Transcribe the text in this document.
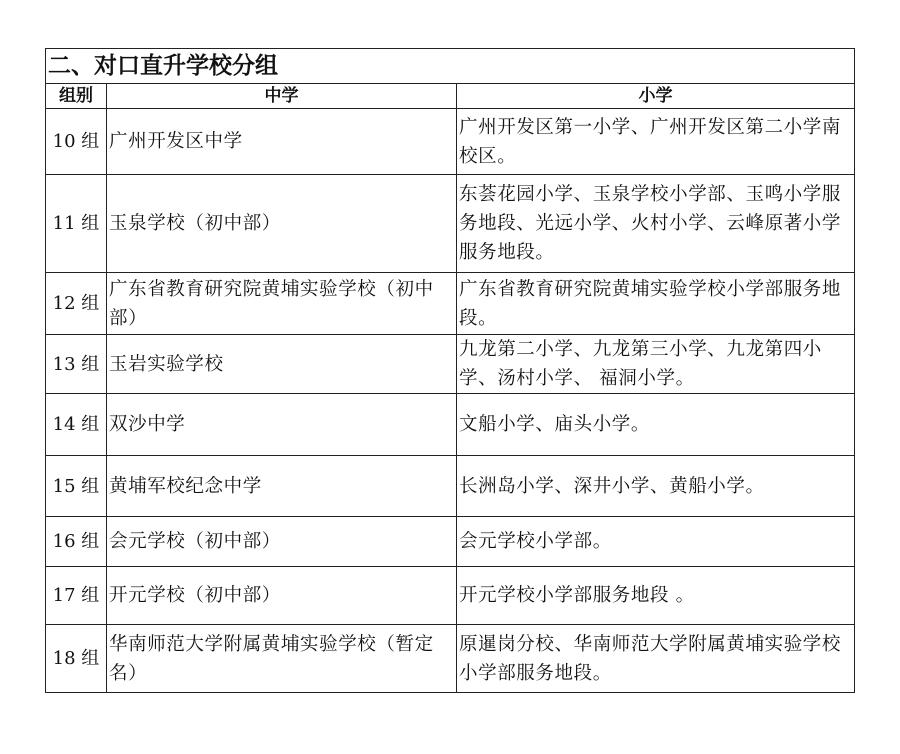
二、对口直升学校分组		
组别	中学	小学
10 组	广州开发区中学	广州开发区第一小学、广州开发区第二小学南校区。
11 组	玉泉学校（初中部）	东荟花园小学、玉泉学校小学部、玉鸣小学服务地段、光远小学、火村小学、云峰原著小学服务地段。
12 组	广东省教育研究院黄埔实验学校（初中部）	广东省教育研究院黄埔实验学校小学部服务地段。
13 组	玉岩实验学校	九龙第二小学、九龙第三小学、九龙第四小学、汤村小学、 福洞小学。
14 组	双沙中学	文船小学、庙头小学。
15 组	黄埔军校纪念中学	长洲岛小学、深井小学、黄船小学。
16 组	会元学校（初中部）	会元学校小学部。
17 组	开元学校（初中部）	开元学校小学部服务地段 。
18 组	华南师范大学附属黄埔实验学校（暂定名）	原暹岗分校、华南师范大学附属黄埔实验学校小学部服务地段。
